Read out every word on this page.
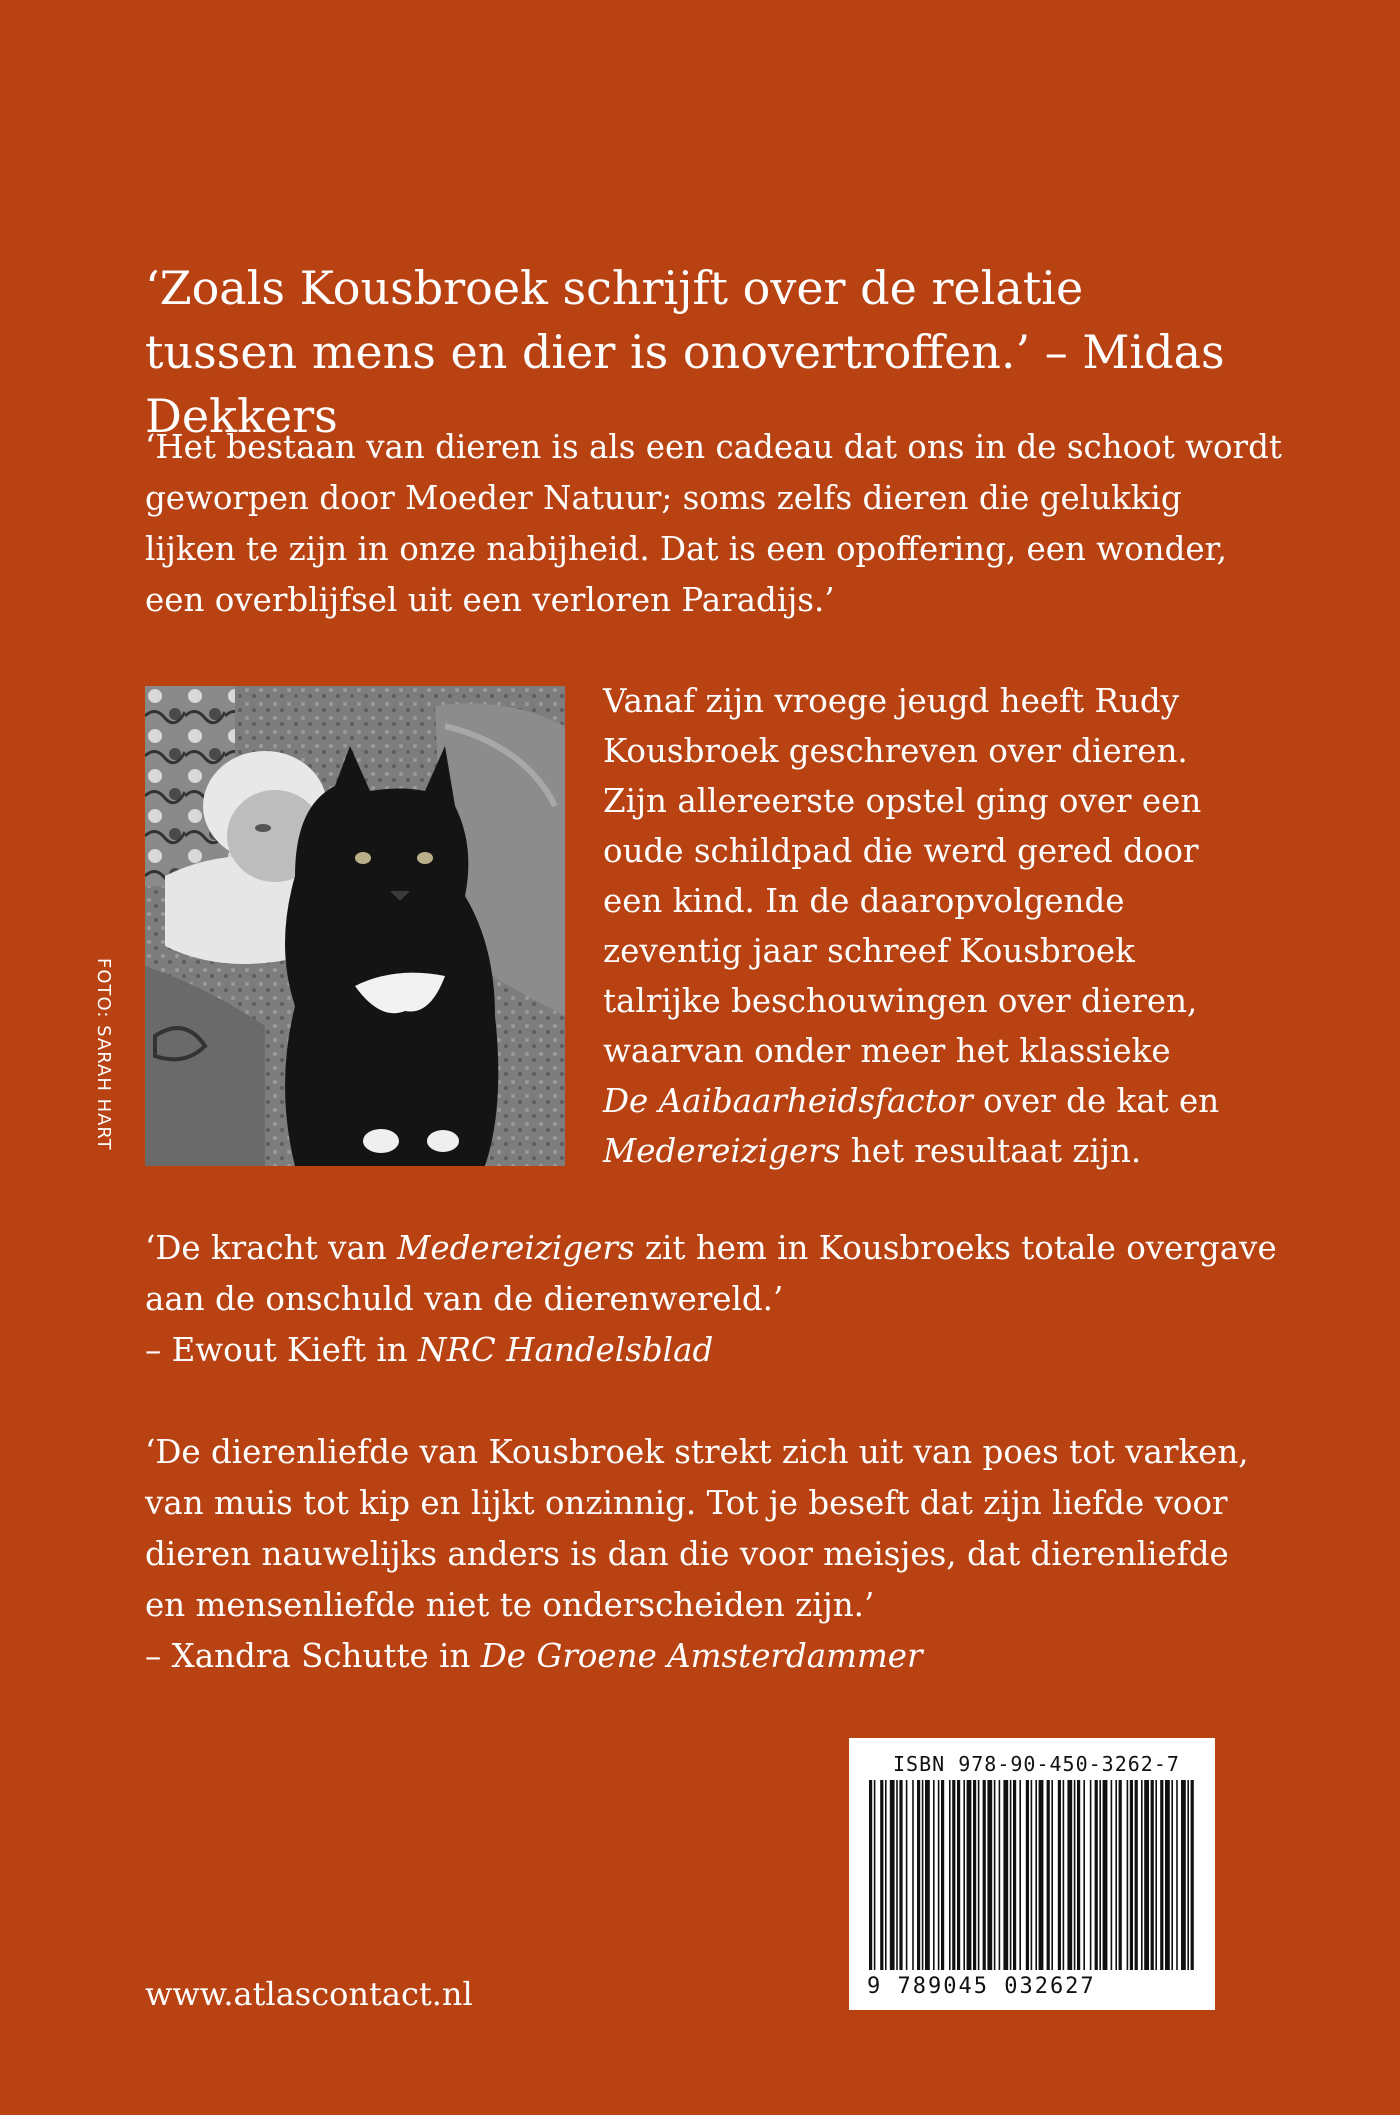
‘Zoals Kousbroek schrijft over de relatie tussen mens en dier is onovertroffen.’ – Midas Dekkers

‘Het bestaan van dieren is als een cadeau dat ons in de schoot wordt
geworpen door Moeder Natuur; soms zelfs dieren die gelukkig
lijken te zijn in onze nabijheid. Dat is een opoffering, een wonder,
een overblijfsel uit een verloren Paradijs.’

FOTO: SARAH HART

Vanaf zijn vroege jeugd heeft Rudy
Kousbroek geschreven over dieren.
Zijn allereerste opstel ging over een
oude schildpad die werd gered door
een kind. In de daaropvolgende
zeventig jaar schreef Kousbroek
talrijke beschouwingen over dieren,
waarvan onder meer het klassieke
De Aaibaarheidsfactor over de kat en
Medereizigers het resultaat zijn.

‘De kracht van Medereizigers zit hem in Kousbroeks totale overgave
aan de onschuld van de dierenwereld.’
– Ewout Kieft in NRC Handelsblad

‘De dierenliefde van Kousbroek strekt zich uit van poes tot varken,
van muis tot kip en lijkt onzinnig. Tot je beseft dat zijn liefde voor
dieren nauwelijks anders is dan die voor meisjes, dat dierenliefde
en mensenliefde niet te onderscheiden zijn.’
– Xandra Schutte in De Groene Amsterdammer

ISBN 978-90-450-3262-7
9 789045 032627
www.atlascontact.nl
